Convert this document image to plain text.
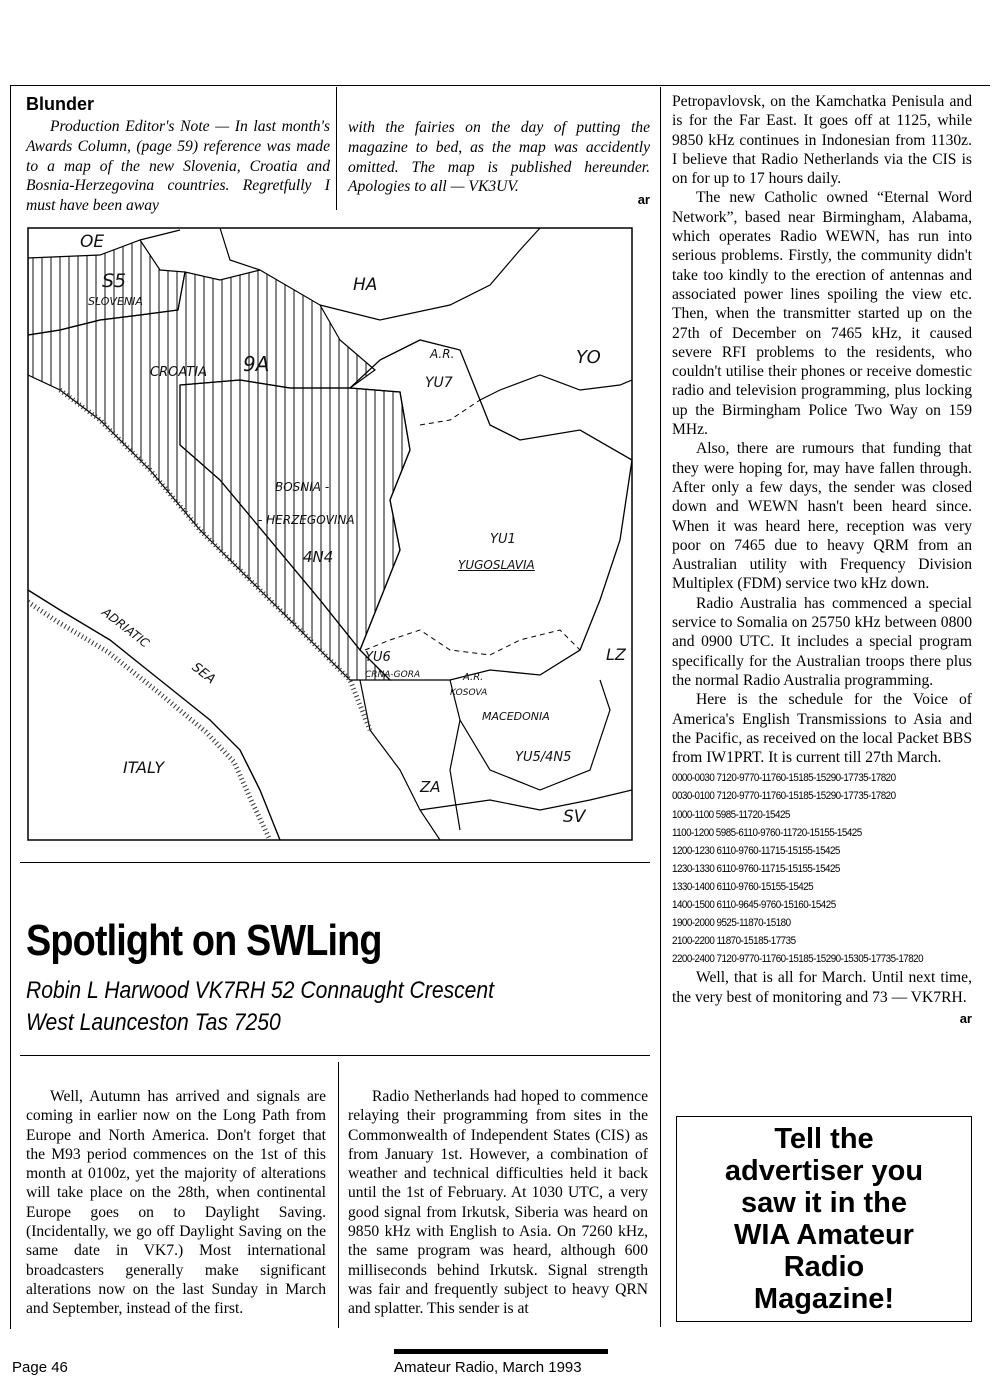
Blunder

Production Editor's Note — In last month's Awards Column, (page 59) reference was made to a map of the new Slovenia, Croatia and Bosnia-Herzegovina countries. Regretfully I must have been away

with the fairies on the day of putting the magazine to bed, as the map was accidently omitted. The map is published hereunder. Apologies to all — VK3UV.

ar
OE
S5
SLOVENIA
HA
CROATIA 9A	A.R.
YU7
YO
BOSNIA -
- HERZEGOVINA
4N4
YU1
YUGOSLAVIA
ADRIATIC
SEA
YU6
CRNA-GORA	A.R.
KOSOVA
MACEDONIA
LZ
YU5/4N5
ITALY
ZA
SV
Spotlight on SWLing
Robin L Harwood VK7RH 52 Connaught Crescent
West Launceston Tas 7250

Well, Autumn has arrived and signals are coming in earlier now on the Long Path from Europe and North America. Don't forget that the M93 period commences on the 1st of this month at 0100z, yet the majority of alterations will take place on the 28th, when continental Europe goes on to Daylight Saving.(Incidentally, we go off Daylight Saving on the same date in VK7.) Most international broadcasters generally make significant alterations now on the last Sunday in March and September, instead of the first.

Radio Netherlands had hoped to commence relaying their programming from sites in the Commonwealth of Independent States (CIS) as from January 1st. However, a combination of weather and technical difficulties held it back until the 1st of February. At 1030 UTC, a very good signal from Irkutsk, Siberia was heard on 9850 kHz with English to Asia. On 7260 kHz, the same program was heard, although 600 milliseconds behind Irkutsk. Signal strength was fair and frequently subject to heavy QRN and splatter. This sender is at

Petropavlovsk, on the Kamchatka Penisula and is for the Far East. It goes off at 1125, while 9850 kHz continues in Indonesian from 1130z. I believe that Radio Netherlands via the CIS is on for up to 17 hours daily.

The new Catholic owned “Eternal Word Network”, based near Birmingham, Alabama, which operates Radio WEWN, has run into serious problems. Firstly, the community didn't take too kindly to the erection of antennas and associated power lines spoiling the view etc. Then, when the transmitter started up on the 27th of December on 7465 kHz, it caused severe RFI problems to the residents, who couldn't utilise their phones or receive domestic radio and television programming, plus locking up the Birmingham Police Two Way on 159 MHz.

Also, there are rumours that funding that they were hoping for, may have fallen through. After only a few days, the sender was closed down and WEWN hasn't been heard since. When it was heard here, reception was very poor on 7465 due to heavy QRM from an Australian utility with Frequency Division Multiplex (FDM) service two kHz down.

Radio Australia has commenced a special service to Somalia on 25750 kHz between 0800 and 0900 UTC. It includes a special program specifically for the Australian troops there plus the normal Radio Australia programming.

Here is the schedule for the Voice of America's English Transmissions to Asia and the Pacific, as received on the local Packet BBS from IW1PRT. It is current till 27th March.

0000-0030 7120-9770-11760-15185-15290-17735-17820
0030-0100 7120-9770-11760-15185-15290-17735-17820
1000-1100 5985-11720-15425
1100-1200 5985-6110-9760-11720-15155-15425
1200-1230 6110-9760-11715-15155-15425
1230-1330 6110-9760-11715-15155-15425
1330-1400 6110-9760-15155-15425
1400-1500 6110-9645-9760-15160-15425
1900-2000 9525-11870-15180
2100-2200 11870-15185-17735
2200-2400 7120-9770-11760-15185-15290-15305-17735-17820

Well, that is all for March. Until next time, the very best of monitoring and 73 — VK7RH.

ar
Tell the
advertiser you
saw it in the
WIA Amateur
Radio
Magazine!
Page 46	Amateur Radio, March 1993
